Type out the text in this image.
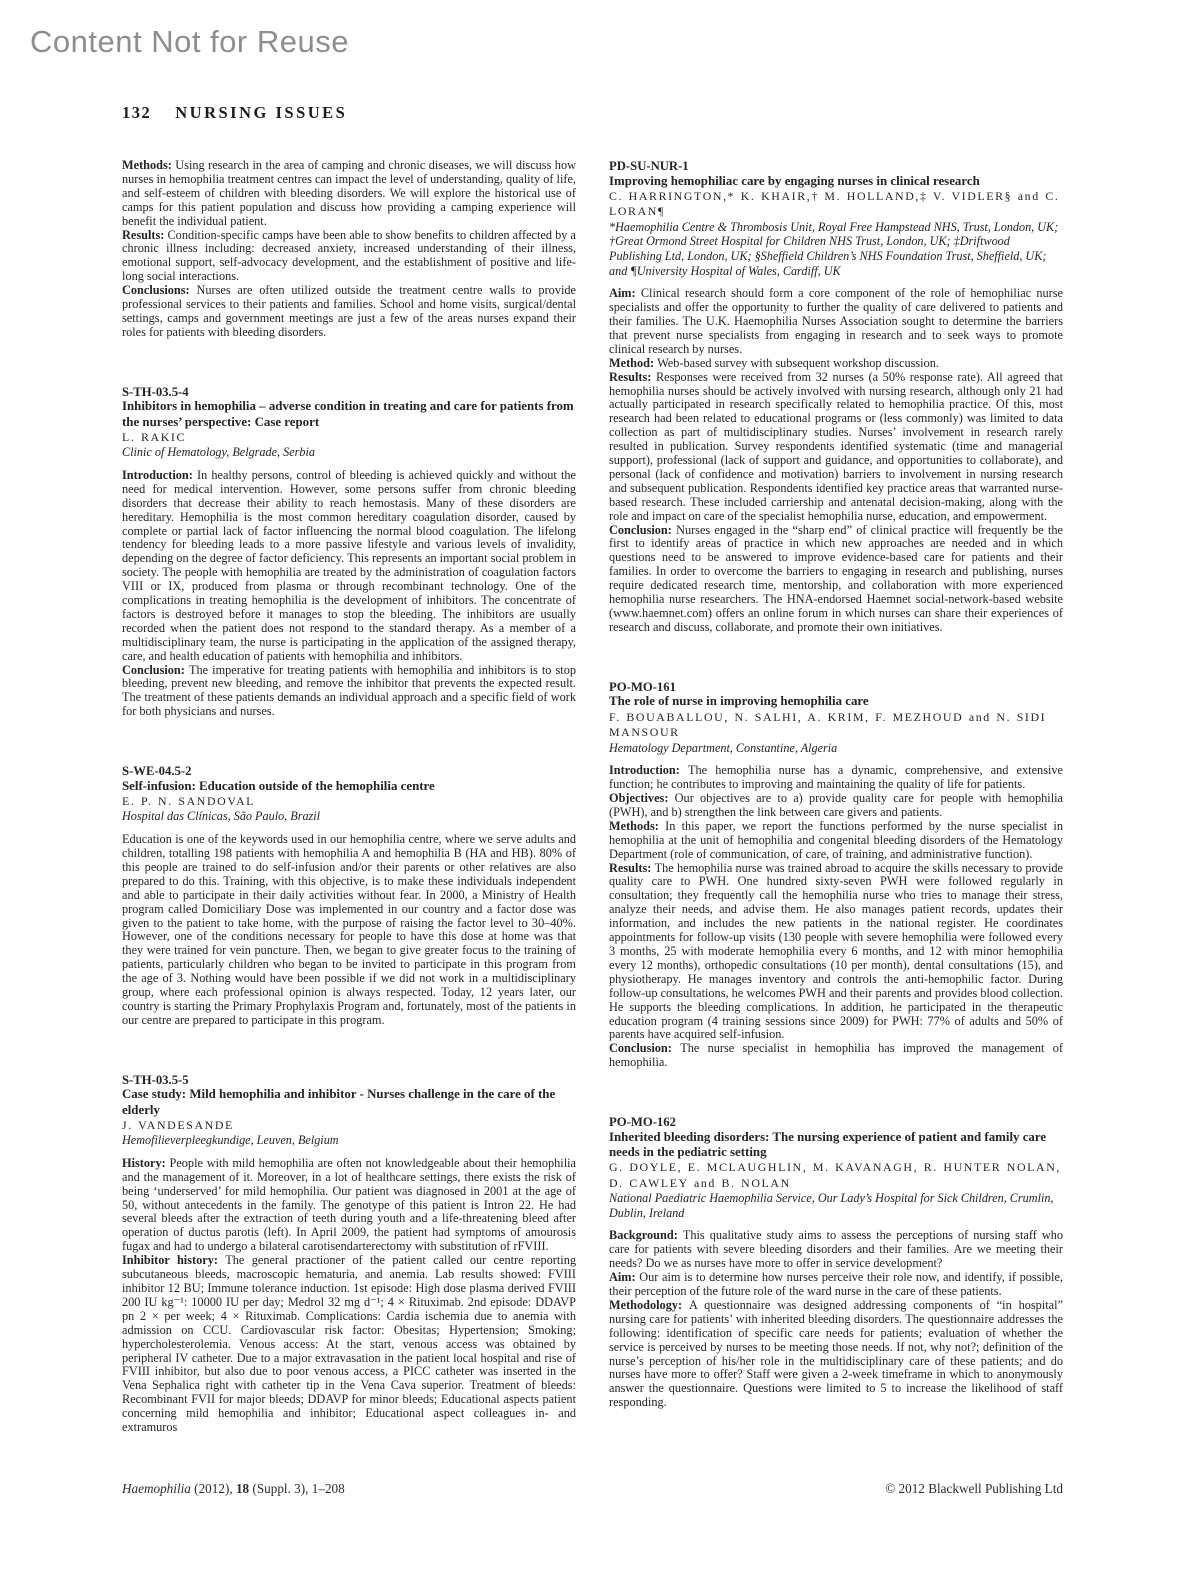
Content Not for Reuse
132 NURSING ISSUES

Methods: Using research in the area of camping and chronic diseases, we will discuss how nurses in hemophilia treatment centres can impact the level of understanding, quality of life, and self-esteem of children with bleeding disorders. We will explore the historical use of camps for this patient population and discuss how providing a camping experience will benefit the individual patient.

Results: Condition-specific camps have been able to show benefits to children affected by a chronic illness including: decreased anxiety, increased understanding of their illness, emotional support, self-advocacy development, and the establishment of positive and life-long social interactions.

Conclusions: Nurses are often utilized outside the treatment centre walls to provide professional services to their patients and families. School and home visits, surgical/dental settings, camps and government meetings are just a few of the areas nurses expand their roles for patients with bleeding disorders.

S-TH-03.5-4
Inhibitors in hemophilia – adverse condition in treating and care for patients from the nurses’ perspective: Case report
L. RAKIC
Clinic of Hematology, Belgrade, Serbia

Introduction: In healthy persons, control of bleeding is achieved quickly and without the need for medical intervention. However, some persons suffer from chronic bleeding disorders that decrease their ability to reach hemostasis. Many of these disorders are hereditary. Hemophilia is the most common hereditary coagulation disorder, caused by complete or partial lack of factor influencing the normal blood coagulation. The lifelong tendency for bleeding leads to a more passive lifestyle and various levels of invalidity, depending on the degree of factor deficiency. This represents an important social problem in society. The people with hemophilia are treated by the administration of coagulation factors VIII or IX, produced from plasma or through recombinant technology. One of the complications in treating hemophilia is the development of inhibitors. The concentrate of factors is destroyed before it manages to stop the bleeding. The inhibitors are usually recorded when the patient does not respond to the standard therapy. As a member of a multidisciplinary team, the nurse is participating in the application of the assigned therapy, care, and health education of patients with hemophilia and inhibitors.

Conclusion: The imperative for treating patients with hemophilia and inhibitors is to stop bleeding, prevent new bleeding, and remove the inhibitor that prevents the expected result. The treatment of these patients demands an individual approach and a specific field of work for both physicians and nurses.

S-WE-04.5-2
Self-infusion: Education outside of the hemophilia centre
E. P. N. SANDOVAL
Hospital das Clínicas, São Paulo, Brazil

Education is one of the keywords used in our hemophilia centre, where we serve adults and children, totalling 198 patients with hemophilia A and hemophilia B (HA and HB). 80% of this people are trained to do self-infusion and/or their parents or other relatives are also prepared to do this. Training, with this objective, is to make these individuals independent and able to participate in their daily activities without fear. In 2000, a Ministry of Health program called Domiciliary Dose was implemented in our country and a factor dose was given to the patient to take home, with the purpose of raising the factor level to 30–40%. However, one of the conditions necessary for people to have this dose at home was that they were trained for vein puncture. Then, we began to give greater focus to the training of patients, particularly children who began to be invited to participate in this program from the age of 3. Nothing would have been possible if we did not work in a multidisciplinary group, where each professional opinion is always respected. Today, 12 years later, our country is starting the Primary Prophylaxis Program and, fortunately, most of the patients in our centre are prepared to participate in this program.

S-TH-03.5-5
Case study: Mild hemophilia and inhibitor - Nurses challenge in the care of the elderly
J. VANDESANDE
Hemofilieverpleegkundige, Leuven, Belgium

History: People with mild hemophilia are often not knowledgeable about their hemophilia and the management of it. Moreover, in a lot of healthcare settings, there exists the risk of being ‘underserved’ for mild hemophilia. Our patient was diagnosed in 2001 at the age of 50, without antecedents in the family. The genotype of this patient is Intron 22. He had several bleeds after the extraction of teeth during youth and a life-threatening bleed after operation of ductus parotis (left). In April 2009, the patient had symptoms of amourosis fugax and had to undergo a bilateral carotisendarterectomy with substitution of rFVIII.

Inhibitor history: The general practioner of the patient called our centre reporting subcutaneous bleeds, macroscopic hematuria, and anemia. Lab results showed: FVIII inhibitor 12 BU; Immune tolerance induction. 1st episode: High dose plasma derived FVIII 200 IU kg⁻¹: 10000 IU per day; Medrol 32 mg d⁻¹; 4 × Rituximab. 2nd episode: DDAVP pn 2 × per week; 4 × Rituximab. Complications: Cardia ischemia due to anemia with admission on CCU. Cardiovascular risk factor: Obesitas; Hypertension; Smoking; hypercholesterolemia. Venous access: At the start, venous access was obtained by peripheral IV catheter. Due to a major extravasation in the patient local hospital and rise of FVIII inhibitor, but also due to poor venous access, a PICC catheter was inserted in the Vena Sephalica right with catheter tip in the Vena Cava superior. Treatment of bleeds: Recombinant FVII for major bleeds; DDAVP for minor bleeds; Educational aspects patient concerning mild hemophilia and inhibitor; Educational aspect colleagues in- and extramuros

PD-SU-NUR-1
Improving hemophiliac care by engaging nurses in clinical research
C. HARRINGTON,* K. KHAIR,† M. HOLLAND,‡ V. VIDLER§ and C. LORAN¶
*Haemophilia Centre & Thrombosis Unit, Royal Free Hampstead NHS, Trust, London, UK; †Great Ormond Street Hospital for Children NHS Trust, London, UK; ‡Driftwood Publishing Ltd, London, UK; §Sheffield Children’s NHS Foundation Trust, Sheffield, UK; and ¶University Hospital of Wales, Cardiff, UK

Aim: Clinical research should form a core component of the role of hemophiliac nurse specialists and offer the opportunity to further the quality of care delivered to patients and their families. The U.K. Haemophilia Nurses Association sought to determine the barriers that prevent nurse specialists from engaging in research and to seek ways to promote clinical research by nurses.

Method: Web-based survey with subsequent workshop discussion.

Results: Responses were received from 32 nurses (a 50% response rate). All agreed that hemophilia nurses should be actively involved with nursing research, although only 21 had actually participated in research specifically related to hemophilia practice. Of this, most research had been related to educational programs or (less commonly) was limited to data collection as part of multidisciplinary studies. Nurses’ involvement in research rarely resulted in publication. Survey respondents identified systematic (time and managerial support), professional (lack of support and guidance, and opportunities to collaborate), and personal (lack of confidence and motivation) barriers to involvement in nursing research and subsequent publication. Respondents identified key practice areas that warranted nurse-based research. These included carriership and antenatal decision-making, along with the role and impact on care of the specialist hemophilia nurse, education, and empowerment.

Conclusion: Nurses engaged in the “sharp end” of clinical practice will frequently be the first to identify areas of practice in which new approaches are needed and in which questions need to be answered to improve evidence-based care for patients and their families. In order to overcome the barriers to engaging in research and publishing, nurses require dedicated research time, mentorship, and collaboration with more experienced hemophilia nurse researchers. The HNA-endorsed Haemnet social-network-based website (www.haemnet.com) offers an online forum in which nurses can share their experiences of research and discuss, collaborate, and promote their own initiatives.

PO-MO-161
The role of nurse in improving hemophilia care
F. BOUABALLOU, N. SALHI, A. KRIM, F. MEZHOUD and N. SIDI MANSOUR
Hematology Department, Constantine, Algeria

Introduction: The hemophilia nurse has a dynamic, comprehensive, and extensive function; he contributes to improving and maintaining the quality of life for patients.

Objectives: Our objectives are to a) provide quality care for people with hemophilia (PWH), and b) strengthen the link between care givers and patients.

Methods: In this paper, we report the functions performed by the nurse specialist in hemophilia at the unit of hemophilia and congenital bleeding disorders of the Hematology Department (role of communication, of care, of training, and administrative function).

Results: The hemophilia nurse was trained abroad to acquire the skills necessary to provide quality care to PWH. One hundred sixty-seven PWH were followed regularly in consultation; they frequently call the hemophilia nurse who tries to manage their stress, analyze their needs, and advise them. He also manages patient records, updates their information, and includes the new patients in the national register. He coordinates appointments for follow-up visits (130 people with severe hemophilia were followed every 3 months, 25 with moderate hemophilia every 6 months, and 12 with minor hemophilia every 12 months), orthopedic consultations (10 per month), dental consultations (15), and physiotherapy. He manages inventory and controls the anti-hemophilic factor. During follow-up consultations, he welcomes PWH and their parents and provides blood collection. He supports the bleeding complications. In addition, he participated in the therapeutic education program (4 training sessions since 2009) for PWH: 77% of adults and 50% of parents have acquired self-infusion.

Conclusion: The nurse specialist in hemophilia has improved the management of hemophilia.

PO-MO-162
Inherited bleeding disorders: The nursing experience of patient and family care needs in the pediatric setting
G. DOYLE, E. MCLAUGHLIN, M. KAVANAGH, R. HUNTER NOLAN, D. CAWLEY and B. NOLAN
National Paediatric Haemophilia Service, Our Lady’s Hospital for Sick Children, Crumlin, Dublin, Ireland

Background: This qualitative study aims to assess the perceptions of nursing staff who care for patients with severe bleeding disorders and their families. Are we meeting their needs? Do we as nurses have more to offer in service development?

Aim: Our aim is to determine how nurses perceive their role now, and identify, if possible, their perception of the future role of the ward nurse in the care of these patients.

Methodology: A questionnaire was designed addressing components of “in hospital” nursing care for patients’ with inherited bleeding disorders. The questionnaire addresses the following: identification of specific care needs for patients; evaluation of whether the service is perceived by nurses to be meeting those needs. If not, why not?; definition of the nurse’s perception of his/her role in the multidisciplinary care of these patients; and do nurses have more to offer? Staff were given a 2-week timeframe in which to anonymously answer the questionnaire. Questions were limited to 5 to increase the likelihood of staff responding.

Haemophilia (2012), 18 (Suppl. 3), 1–208	© 2012 Blackwell Publishing Ltd
